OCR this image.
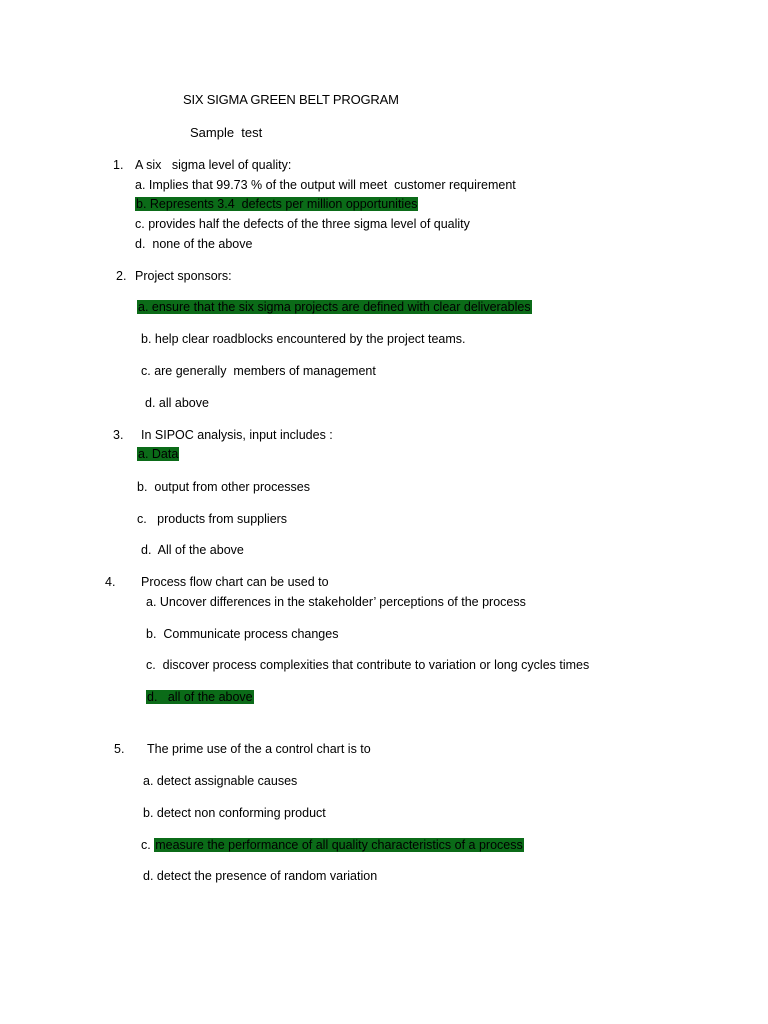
SIX SIGMA GREEN BELT PROGRAM
Sample  test
1. A six   sigma level of quality:
a. Implies that 99.73 % of the output will meet  customer requirement
b. Represents 3.4  defects per million opportunities
c. provides half the defects of the three sigma level of quality
d.  none of the above
2. Project sponsors:
a. ensure that the six sigma projects are defined with clear deliverables
b. help clear roadblocks encountered by the project teams.
c. are generally  members of management
d. all above
3. In SIPOC analysis, input includes :
a. Data
b.  output from other processes
c.   products from suppliers
d.  All of the above
4. Process flow chart can be used to
a. Uncover differences in the stakeholder’ perceptions of the process
b.  Communicate process changes
c.  discover process complexities that contribute to variation or long cycles times
d.   all of the above
5. The prime use of the a control chart is to
a. detect assignable causes
b. detect non conforming product
c. measure the performance of all quality characteristics of a process
d. detect the presence of random variation
